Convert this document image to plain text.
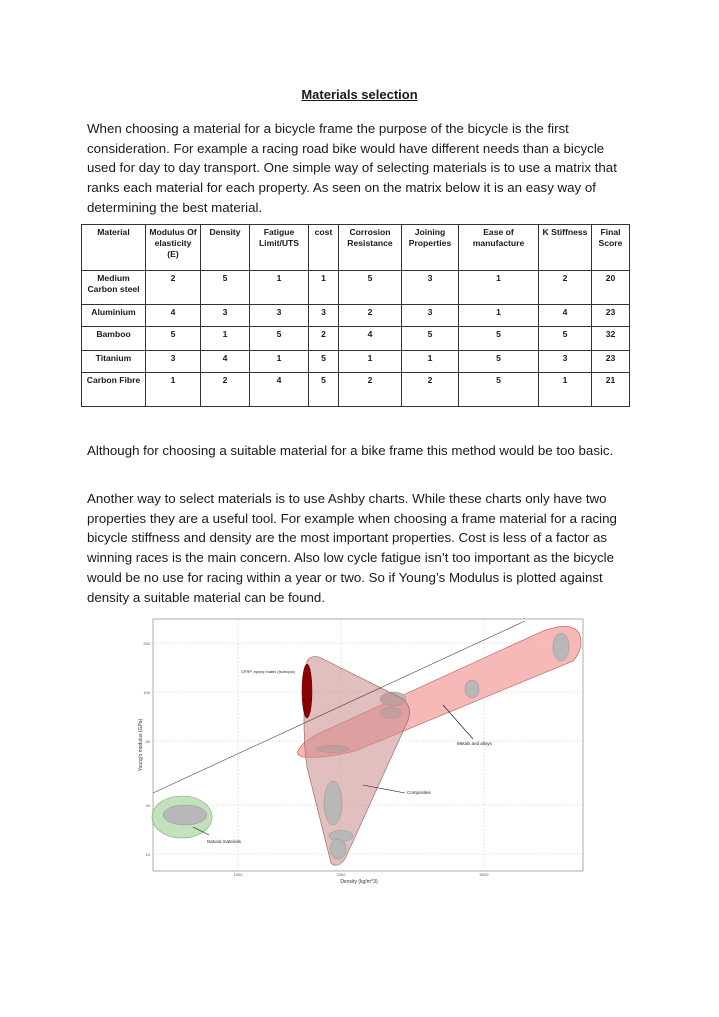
Materials selection

When choosing a material for a bicycle frame the purpose of the bicycle is the first consideration. For example a racing road bike would have different needs than a bicycle used for day to day transport. One simple way of selecting materials is to use a matrix that ranks each material for each property. As seen on the matrix below it is an easy way of determining the best material.

Material	Modulus Of elasticity (E)	Density	Fatigue Limit/UTS	cost	Corrosion Resistance	Joining Properties	Ease of manufacture	K Stiffness	Final Score
Medium Carbon steel	2	5	1	1	5	3	1	2	20
Aluminium	4	3	3	3	2	3	1	4	23
Bamboo	5	1	5	2	4	5	5	5	32
Titanium	3	4	1	5	1	1	5	3	23
Carbon Fibre	1	2	4	5	2	2	5	1	21

Although for choosing a suitable material for a bike frame this method would be too basic.

Another way to select materials is to use Ashby charts. While these charts only have two properties they are a useful tool. For example when choosing a frame material for a racing bicycle stiffness and density are the most important properties. Cost is less of a factor as winning races is the main concern. Also low cycle fatigue isn’t too important as the bicycle would be no use for racing within a year or two. So if Young’s Modulus is plotted against density a suitable material can be found.

200
100
50
20
10
1000	2000	5000
Density (kg/m^3)
Young's modulus (GPa)
CFRP, epoxy matrix (isotropic)
Metals and alloys
Composites
Natural materials
